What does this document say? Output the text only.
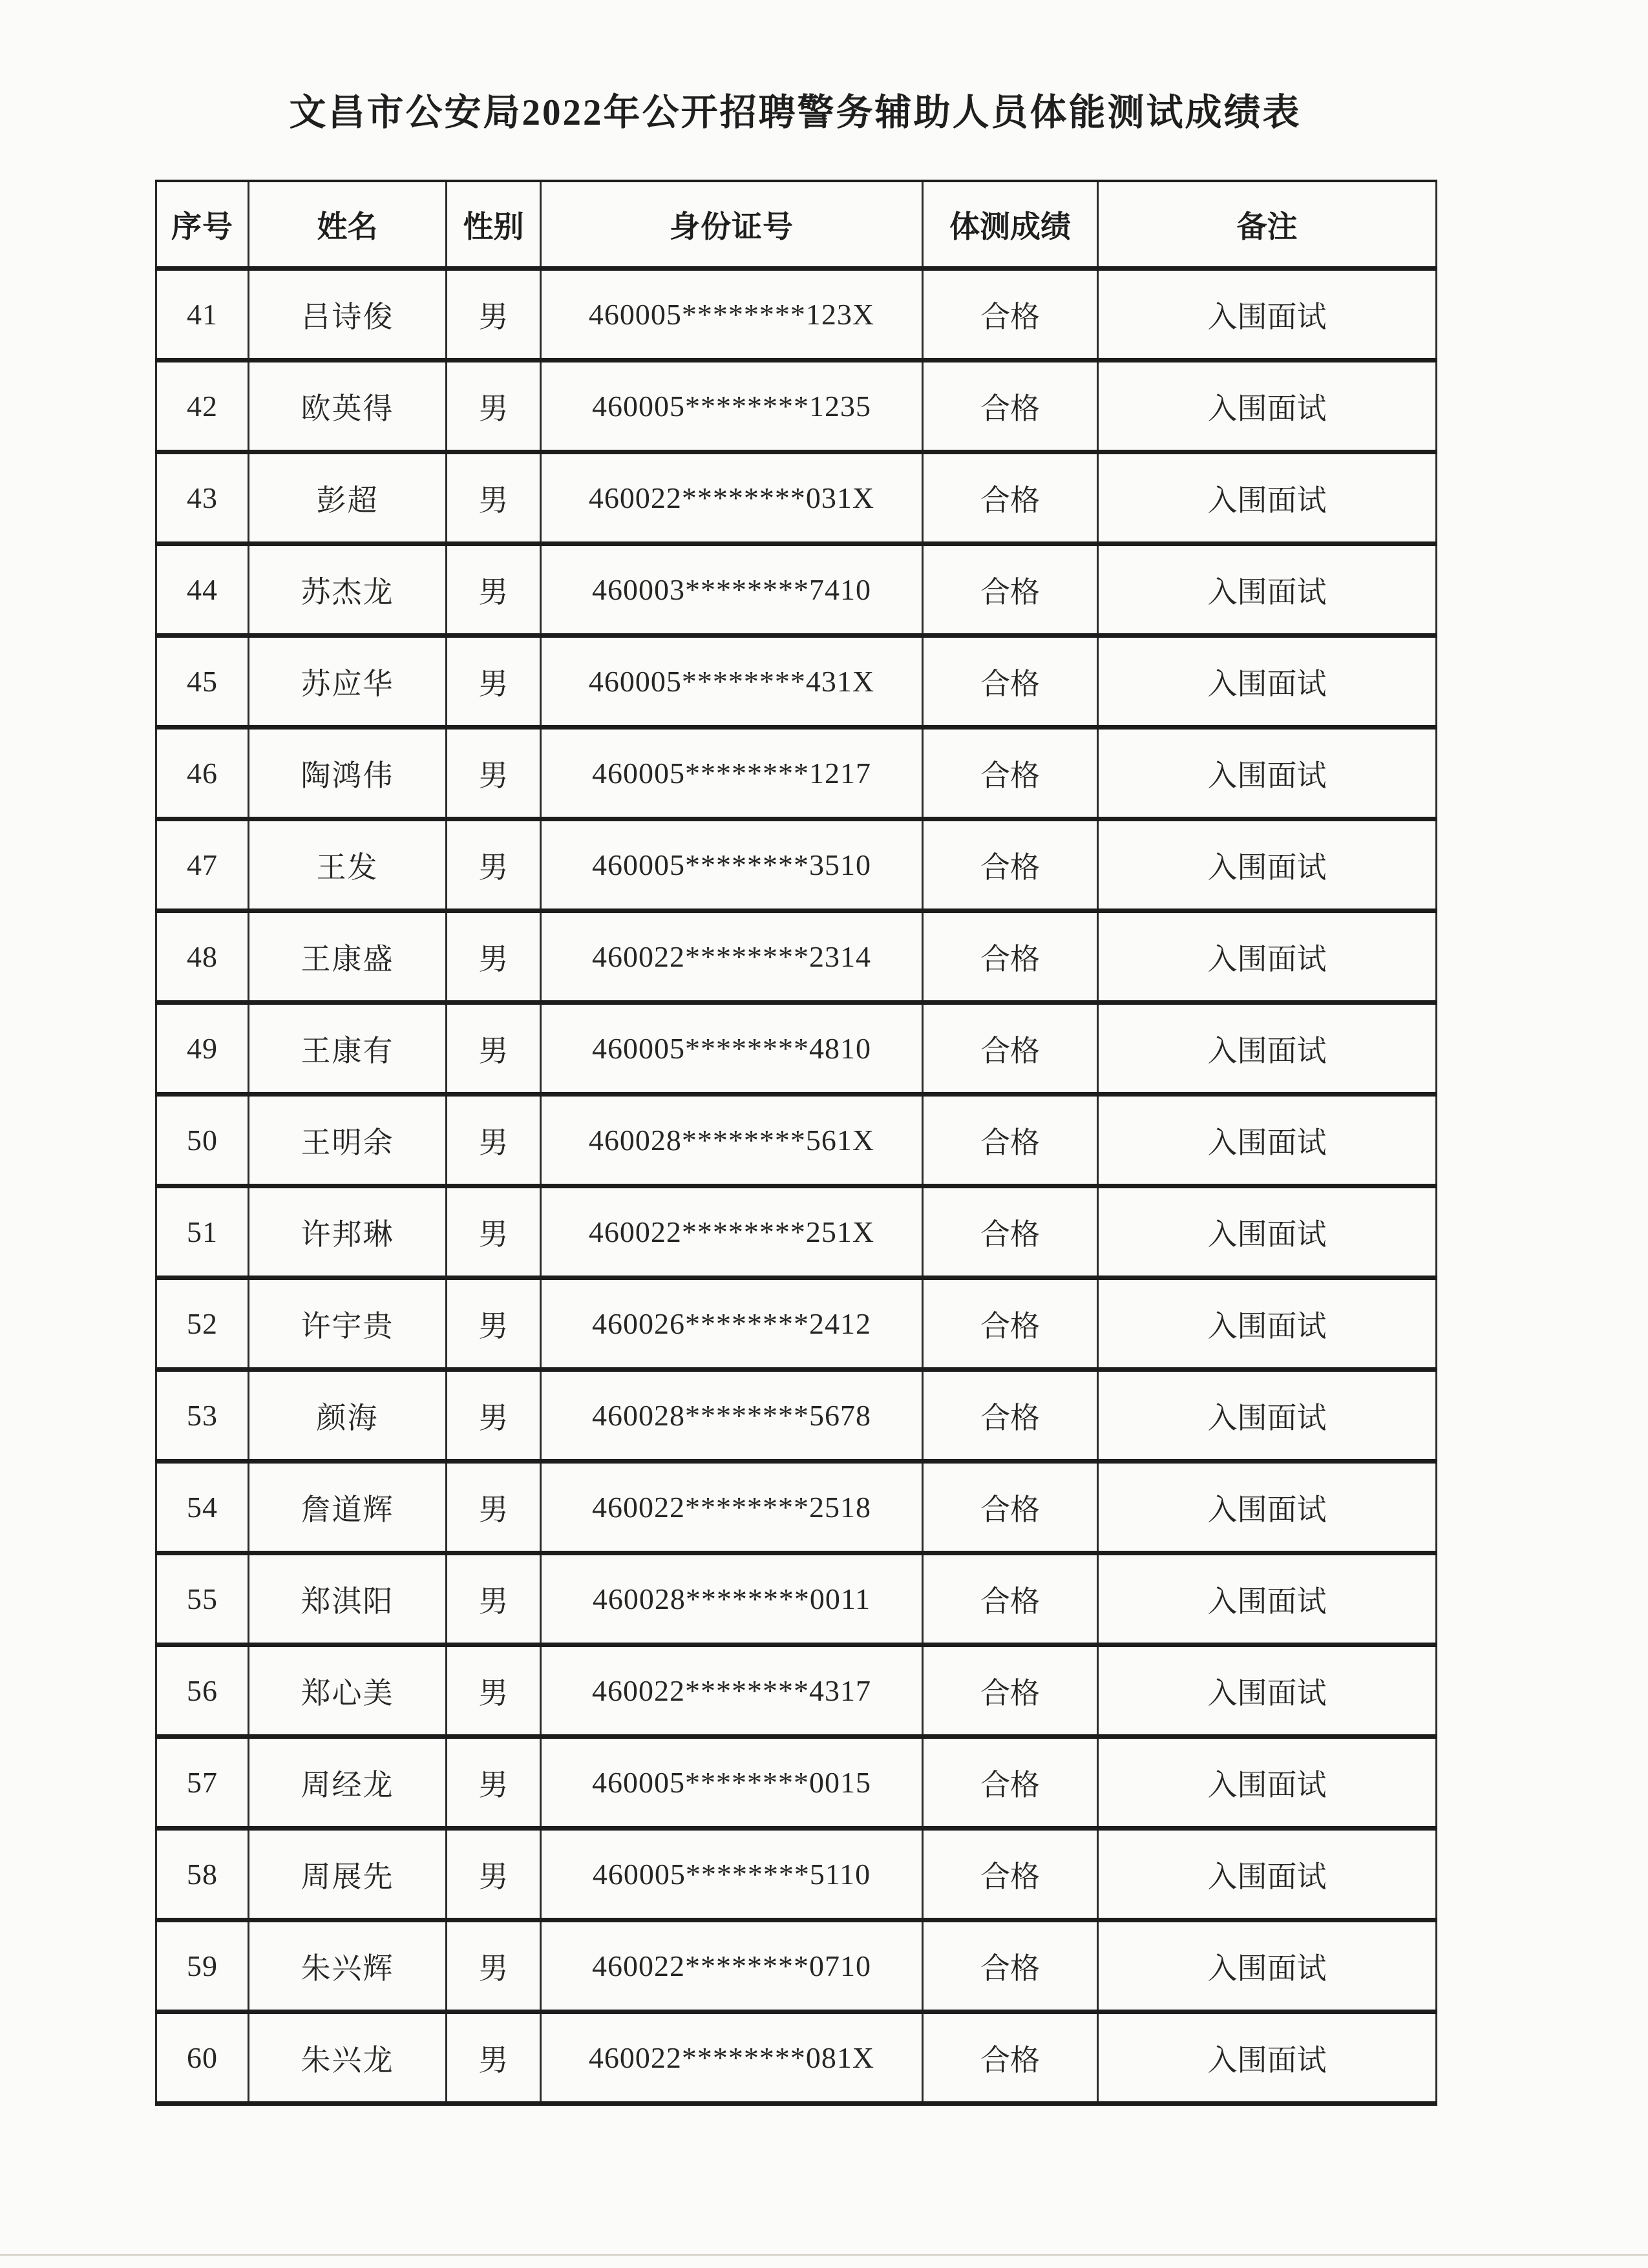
文昌市公安局2022年公开招聘警务辅助人员体能测试成绩表
序号	姓名	性别	身份证号	体测成绩	备注
41	吕诗俊	男	460005********123X	合格	入围面试
42	欧英得	男	460005********1235	合格	入围面试
43	彭超	男	460022********031X	合格	入围面试
44	苏杰龙	男	460003********7410	合格	入围面试
45	苏应华	男	460005********431X	合格	入围面试
46	陶鸿伟	男	460005********1217	合格	入围面试
47	王发	男	460005********3510	合格	入围面试
48	王康盛	男	460022********2314	合格	入围面试
49	王康有	男	460005********4810	合格	入围面试
50	王明余	男	460028********561X	合格	入围面试
51	许邦琳	男	460022********251X	合格	入围面试
52	许宇贵	男	460026********2412	合格	入围面试
53	颜海	男	460028********5678	合格	入围面试
54	詹道辉	男	460022********2518	合格	入围面试
55	郑淇阳	男	460028********0011	合格	入围面试
56	郑心美	男	460022********4317	合格	入围面试
57	周经龙	男	460005********0015	合格	入围面试
58	周展先	男	460005********5110	合格	入围面试
59	朱兴辉	男	460022********0710	合格	入围面试
60	朱兴龙	男	460022********081X	合格	入围面试
